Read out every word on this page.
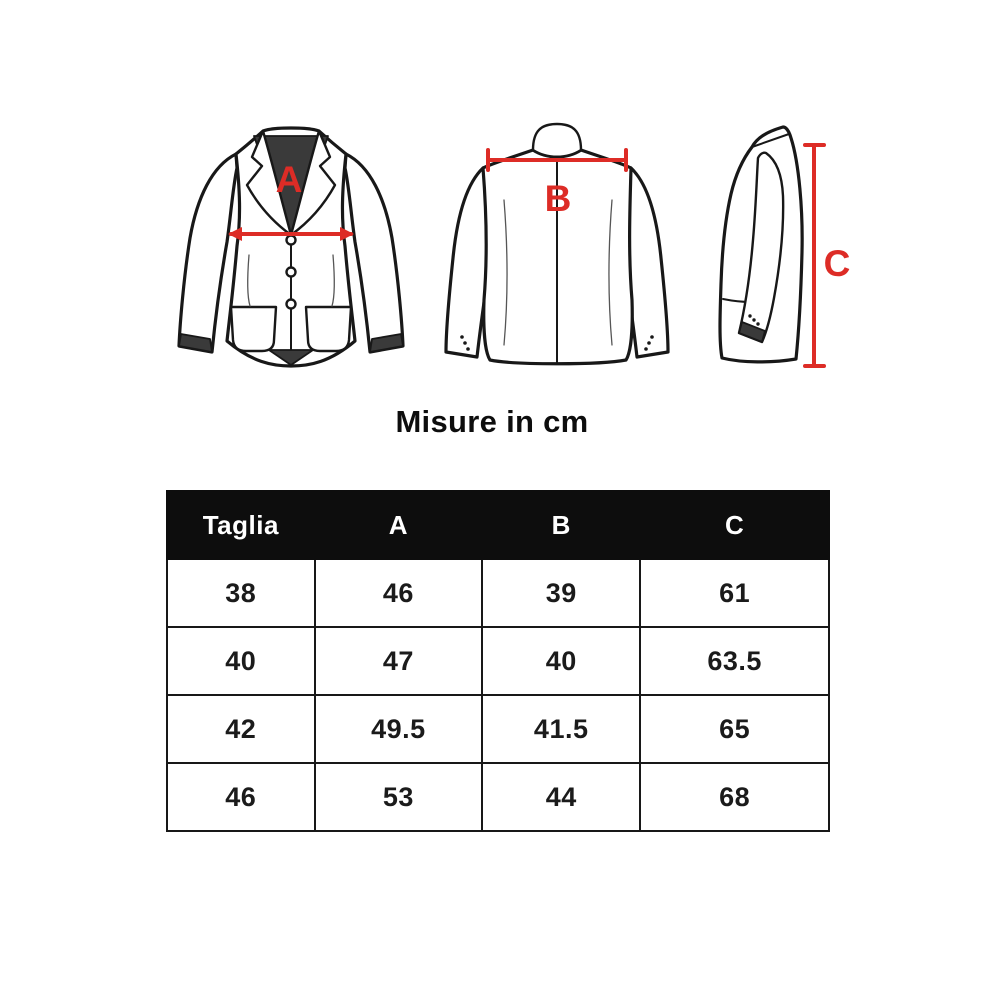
A	B
C
Misure in cm
Taglia	A	B	C
38	46	39	61
40	47	40	63.5
42	49.5	41.5	65
46	53	44	68
